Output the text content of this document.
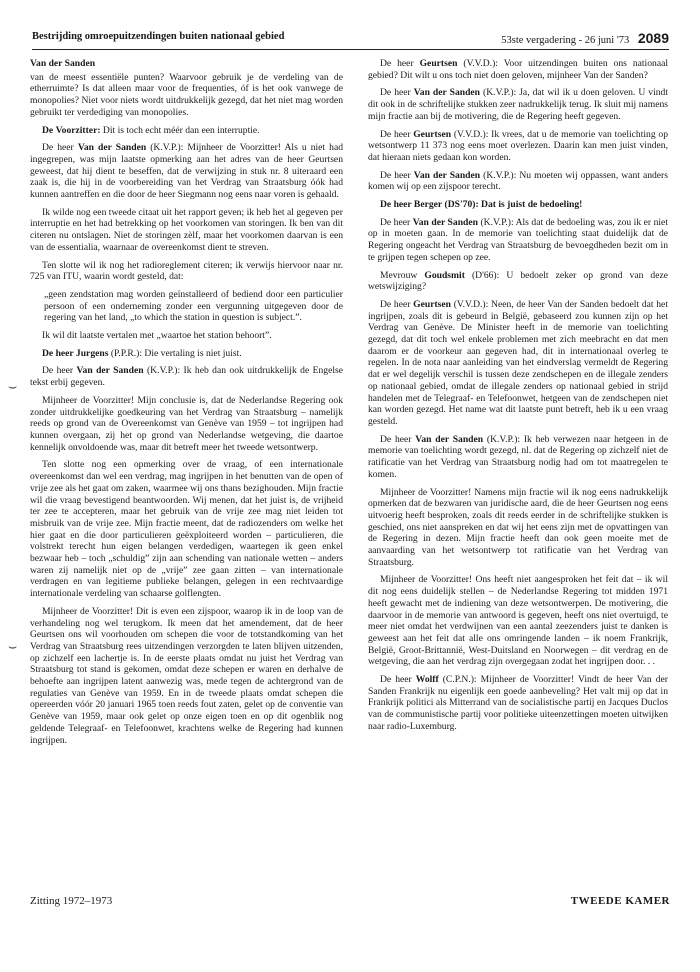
Bestrijding omroepuitzendingen buiten nationaal gebied	53ste vergadering - 26 juni '73 2089
⌣
⌣

Van der Sanden

van de meest essentiële punten? Waarvoor gebruik je de verdeling van de etherruimte? Is dat alleen maar voor de frequenties, óf is het ook vanwege de monopolies? Niet voor niets wordt uitdrukkelijk gezegd, dat het niet mag worden gebruikt ter verdediging van monopolies.

De Voorzitter: Dit is toch echt méér dan een interruptie.

De heer Van der Sanden (K.V.P.): Mijnheer de Voorzitter! Als u niet had ingegrepen, was mijn laatste opmerking aan het adres van de heer Geurtsen geweest, dat hij dient te beseffen, dat de verwijzing in stuk nr. 8 uiteraard een zaak is, die hij in de voorbereiding van het Verdrag van Straatsburg óók had kunnen aantreffen en die door de heer Siegmann nog eens naar voren is gehaald.

Ik wilde nog een tweede citaat uit het rapport geven; ik heb het al gegeven per interruptie en het had betrekking op het voorkomen van storingen. Ik ben van dit citeren nu ontslagen. Niet de storingen zèlf, maar het voorkomen daarvan is een van de essentialia, waarnaar de overeenkomst dient te streven.

Ten slotte wil ik nog het radioreglement citeren; ik verwijs hiervoor naar nr. 725 van ITU, waarin wordt gesteld, dat:

„geen zendstation mag worden geïnstalleerd of bediend door een particulier persoon of een onderneming zonder een vergunning uitgegeven door de regering van het land, „to which the station in question is subject.”.

Ik wil dit laatste vertalen met „waartoe het station behoort”.

De heer Jurgens (P.P.R.): Die vertaling is niet juist.

De heer Van der Sanden (K.V.P.): Ik heb dan ook uitdrukkelijk de Engelse tekst erbij gegeven.

Mijnheer de Voorzitter! Mijn conclusie is, dat de Nederlandse Regering ook zonder uitdrukkelijke goedkeuring van het Verdrag van Straatsburg – namelijk reeds op grond van de Overeenkomst van Genève van 1959 – tot ingrijpen had kunnen overgaan, zij het op grond van Nederlandse wetgeving, die daartoe kennelijk onvoldoende was, maar dit betreft meer het tweede wetsontwerp.

Ten slotte nog een opmerking over de vraag, of een internationale overeenkomst dan wel een verdrag, mag ingrijpen in het benutten van de open of vrije zee als het gaat om zaken, waarmee wij ons thans bezighouden. Mijn fractie wil die vraag bevestigend beantwoorden. Wij menen, dat het juist is, de vrijheid ter zee te accepteren, maar het gebruik van de vrije zee mag niet leiden tot misbruik van de vrije zee. Mijn fractie meent, dat de radiozenders om welke het hier gaat en die door particulieren geëxploiteerd worden – particulieren, die volstrekt terecht hun eigen belangen verdedigen, waartegen ik geen enkel bezwaar heb – toch „schuldig” zijn aan schending van nationale wetten – anders waren zij namelijk niet op de „vrije” zee gaan zitten – van internationale verdragen en van legitieme publieke belangen, gelegen in een rechtvaardige internationale verdeling van schaarse golflengten.

Mijnheer de Voorzitter! Dit is even een zijspoor, waarop ik in de loop van de verhandeling nog wel terugkom. Ik meen dat het amendement, dat de heer Geurtsen ons wil voorhouden om schepen die voor de totstandkoming van het Verdrag van Straatsburg rees uitzendingen verzorgden te laten blijven uitzenden, op zichzelf een lachertje is. In de eerste plaats omdat nu juist het Verdrag van Straatsburg tot stand is gekomen, omdat deze schepen er waren en derhalve de behoefte aan ingrijpen latent aanwezig was, mede tegen de achtergrond van de regulaties van Genève van 1959. En in de tweede plaats omdat schepen die opereerden vóór 20 januari 1965 toen reeds fout zaten, gelet op de conventie van Genève van 1959, maar ook gelet op onze eigen toen en op dit ogenblik nog geldende Telegraaf- en Telefoonwet, krachtens welke de Regering had kunnen ingrijpen.

De heer Geurtsen (V.V.D.): Voor uitzendingen buiten ons nationaal gebied? Dit wilt u ons toch niet doen geloven, mijnheer Van der Sanden?

De heer Van der Sanden (K.V.P.): Ja, dat wil ik u doen geloven. U vindt dit ook in de schriftelijke stukken zeer nadrukkelijk terug. Ik sluit mij namens mijn fractie aan bij de motivering, die de Regering heeft gegeven.

De heer Geurtsen (V.V.D.): Ik vrees, dat u de memorie van toelichting op wetsontwerp 11 373 nog eens moet overlezen. Daarin kan men juist vinden, dat hieraan niets gedaan kon worden.

De heer Van der Sanden (K.V.P.): Nu moeten wij oppassen, want anders komen wij op een zijspoor terecht.

De heer Berger (DS'70): Dat is juist de bedoeling!

De heer Van der Sanden (K.V.P.): Als dat de bedoeling was, zou ik er niet op in moeten gaan. In de memorie van toelichting staat duidelijk dat de Regering ongeacht het Verdrag van Straatsburg de bevoegdheden bezit om in te grijpen tegen schepen op zee.

Mevrouw Goudsmit (D'66): U bedoelt zeker op grond van deze wetswijziging?

De heer Geurtsen (V.V.D.): Neen, de heer Van der Sanden bedoelt dat het ingrijpen, zoals dit is gebeurd in België, gebaseerd zou kunnen zijn op het Verdrag van Genève. De Minister heeft in de memorie van toelichting gezegd, dat dit toch wel enkele problemen met zich meebracht en dat men daarom er de voorkeur aan gegeven had, dit in internationaal overleg te regelen. In de nota naar aanleiding van het eindverslag vermeldt de Regering dat er wel degelijk verschil is tussen deze zendschepen en de illegale zenders op nationaal gebied, omdat de illegale zenders op nationaal gebied in strijd handelen met de Telegraaf- en Telefoonwet, hetgeen van de zendschepen niet kan worden gezegd. Het name wat dit laatste punt betreft, heb ik u een vraag gesteld.

De heer Van der Sanden (K.V.P.): Ik heb verwezen naar hetgeen in de memorie van toelichting wordt gezegd, nl. dat de Regering op zichzelf niet de ratificatie van het Verdrag van Straatsburg nodig had om tot maatregelen te komen.

Mijnheer de Voorzitter! Namens mijn fractie wil ik nog eens nadrukkelijk opmerken dat de bezwaren van juridische aard, die de heer Geurtsen nog eens uitvoerig heeft besproken, zoals dit reeds eerder in de schriftelijke stukken is geschied, ons niet aanspreken en dat wij het eens zijn met de opvattingen van de Regering in dezen. Mijn fractie heeft dan ook geen moeite met de aanvaarding van het wetsontwerp tot ratificatie van het Verdrag van Straatsburg.

Mijnheer de Voorzitter! Ons heeft niet aangesproken het feit dat – ik wil dit nog eens duidelijk stellen – de Nederlandse Regering tot midden 1971 heeft gewacht met de indiening van deze wetsontwerpen. De motivering, die daarvoor in de memorie van antwoord is gegeven, heeft ons niet overtuigd, te meer niet omdat het verdwijnen van een aantal zeezenders juist te danken is geweest aan het feit dat alle ons omringende landen – ik noem Frankrijk, België, Groot-Brittannië, West-Duitsland en Noorwegen – dit verdrag en de wetgeving, die aan het verdrag zijn overgegaan zodat het ingrijpen door. . .

De heer Wolff (C.P.N.): Mijnheer de Voorzitter! Vindt de heer Van der Sanden Frankrijk nu eigenlijk een goede aanbeveling? Het valt mij op dat in Frankrijk politici als Mitterrand van de socialistische partij en Jacques Duclos van de communistische partij voor politieke uiteenzettingen moeten uitwijken naar radio-Luxemburg.

Zitting 1972–1973	TWEEDE KAMER
